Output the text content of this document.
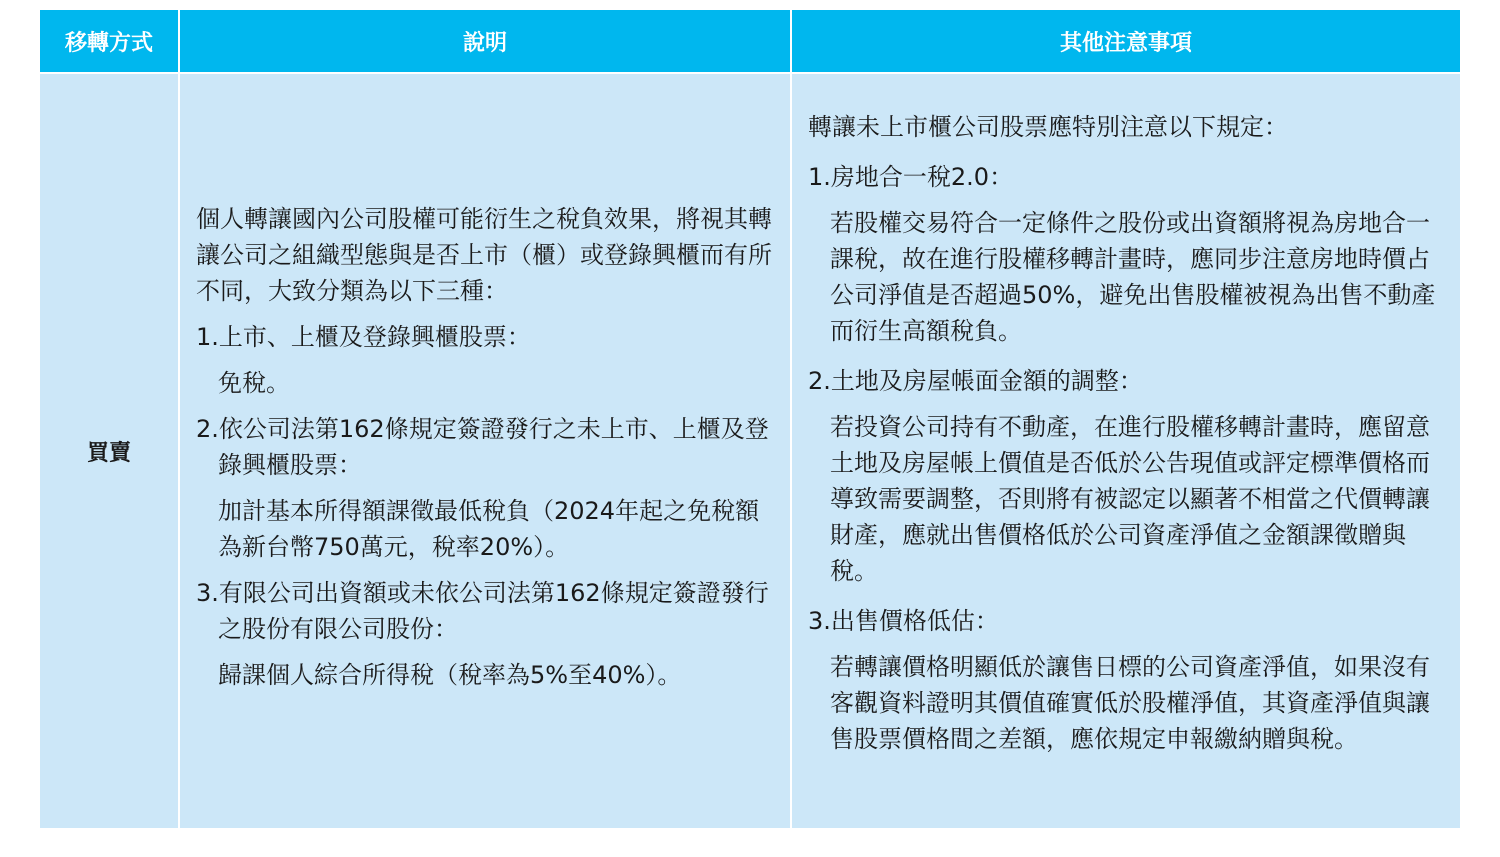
移轉方式	說明	其他注意事項
買賣

個人轉讓國內公司股權可能衍生之稅負效果，將視其轉讓公司之組織型態與是否上市（櫃）或登錄興櫃而有所不同，大致分類為以下三種：

1.上市、上櫃及登錄興櫃股票：

免稅。

2.依公司法第162條規定簽證發行之未上市、上櫃及登錄興櫃股票：

加計基本所得額課徵最低稅負（2024年起之免稅額為新台幣750萬元，稅率20%）。

3.有限公司出資額或未依公司法第162條規定簽證發行之股份有限公司股份：

歸課個人綜合所得稅（稅率為5%至40%）。

轉讓未上市櫃公司股票應特別注意以下規定：

1.房地合一稅2.0：

若股權交易符合一定條件之股份或出資額將視為房地合一課稅，故在進行股權移轉計畫時，應同步注意房地時價占公司淨值是否超過50%，避免出售股權被視為出售不動產而衍生高額稅負。

2.土地及房屋帳面金額的調整：

若投資公司持有不動產，在進行股權移轉計畫時，應留意土地及房屋帳上價值是否低於公告現值或評定標準價格而導致需要調整，否則將有被認定以顯著不相當之代價轉讓財產，應就出售價格低於公司資產淨值之金額課徵贈與稅。

3.出售價格低估：

若轉讓價格明顯低於讓售日標的公司資產淨值，如果沒有客觀資料證明其價值確實低於股權淨值，其資產淨值與讓售股票價格間之差額，應依規定申報繳納贈與稅。
